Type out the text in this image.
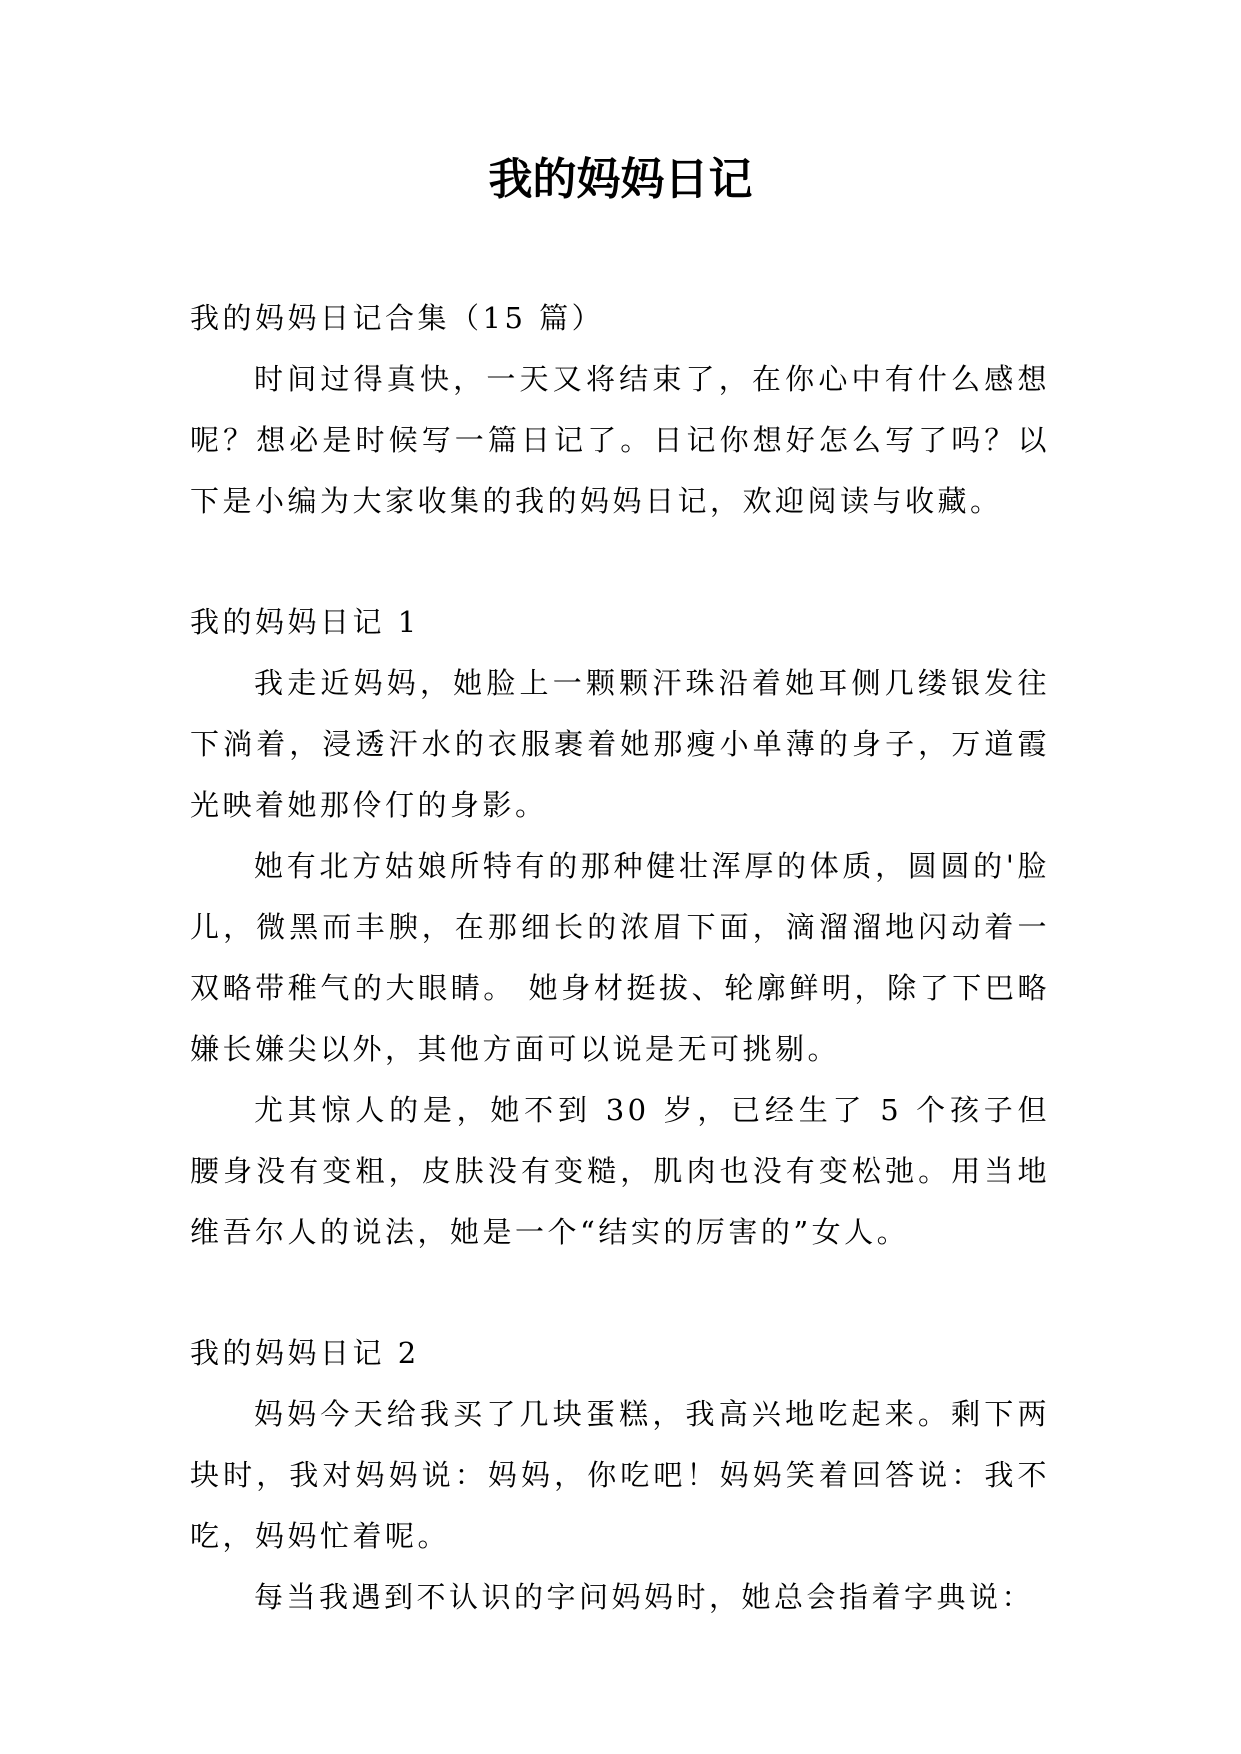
我的妈妈日记

我的妈妈日记合集（15 篇）

时间过得真快，一天又将结束了，在你心中有什么感想呢？想必是时候写一篇日记了。日记你想好怎么写了吗？以下是小编为大家收集的我的妈妈日记，欢迎阅读与收藏。

我的妈妈日记 1

我走近妈妈，她脸上一颗颗汗珠沿着她耳侧几缕银发往下淌着，浸透汗水的衣服裹着她那瘦小单薄的身子，万道霞光映着她那伶仃的身影。

她有北方姑娘所特有的那种健壮浑厚的体质，圆圆的'脸儿，微黑而丰腴，在那细长的浓眉下面，滴溜溜地闪动着一双略带稚气的大眼睛。 她身材挺拔、轮廓鲜明，除了下巴略嫌长嫌尖以外，其他方面可以说是无可挑剔。

尤其惊人的是，她不到 30 岁，已经生了 5 个孩子但腰身没有变粗，皮肤没有变糙，肌肉也没有变松弛。用当地维吾尔人的说法，她是一个“结实的厉害的”女人。

我的妈妈日记 2

妈妈今天给我买了几块蛋糕，我高兴地吃起来。剩下两块时，我对妈妈说：妈妈，你吃吧！妈妈笑着回答说：我不吃，妈妈忙着呢。

每当我遇到不认识的字问妈妈时，她总会指着字典说：
